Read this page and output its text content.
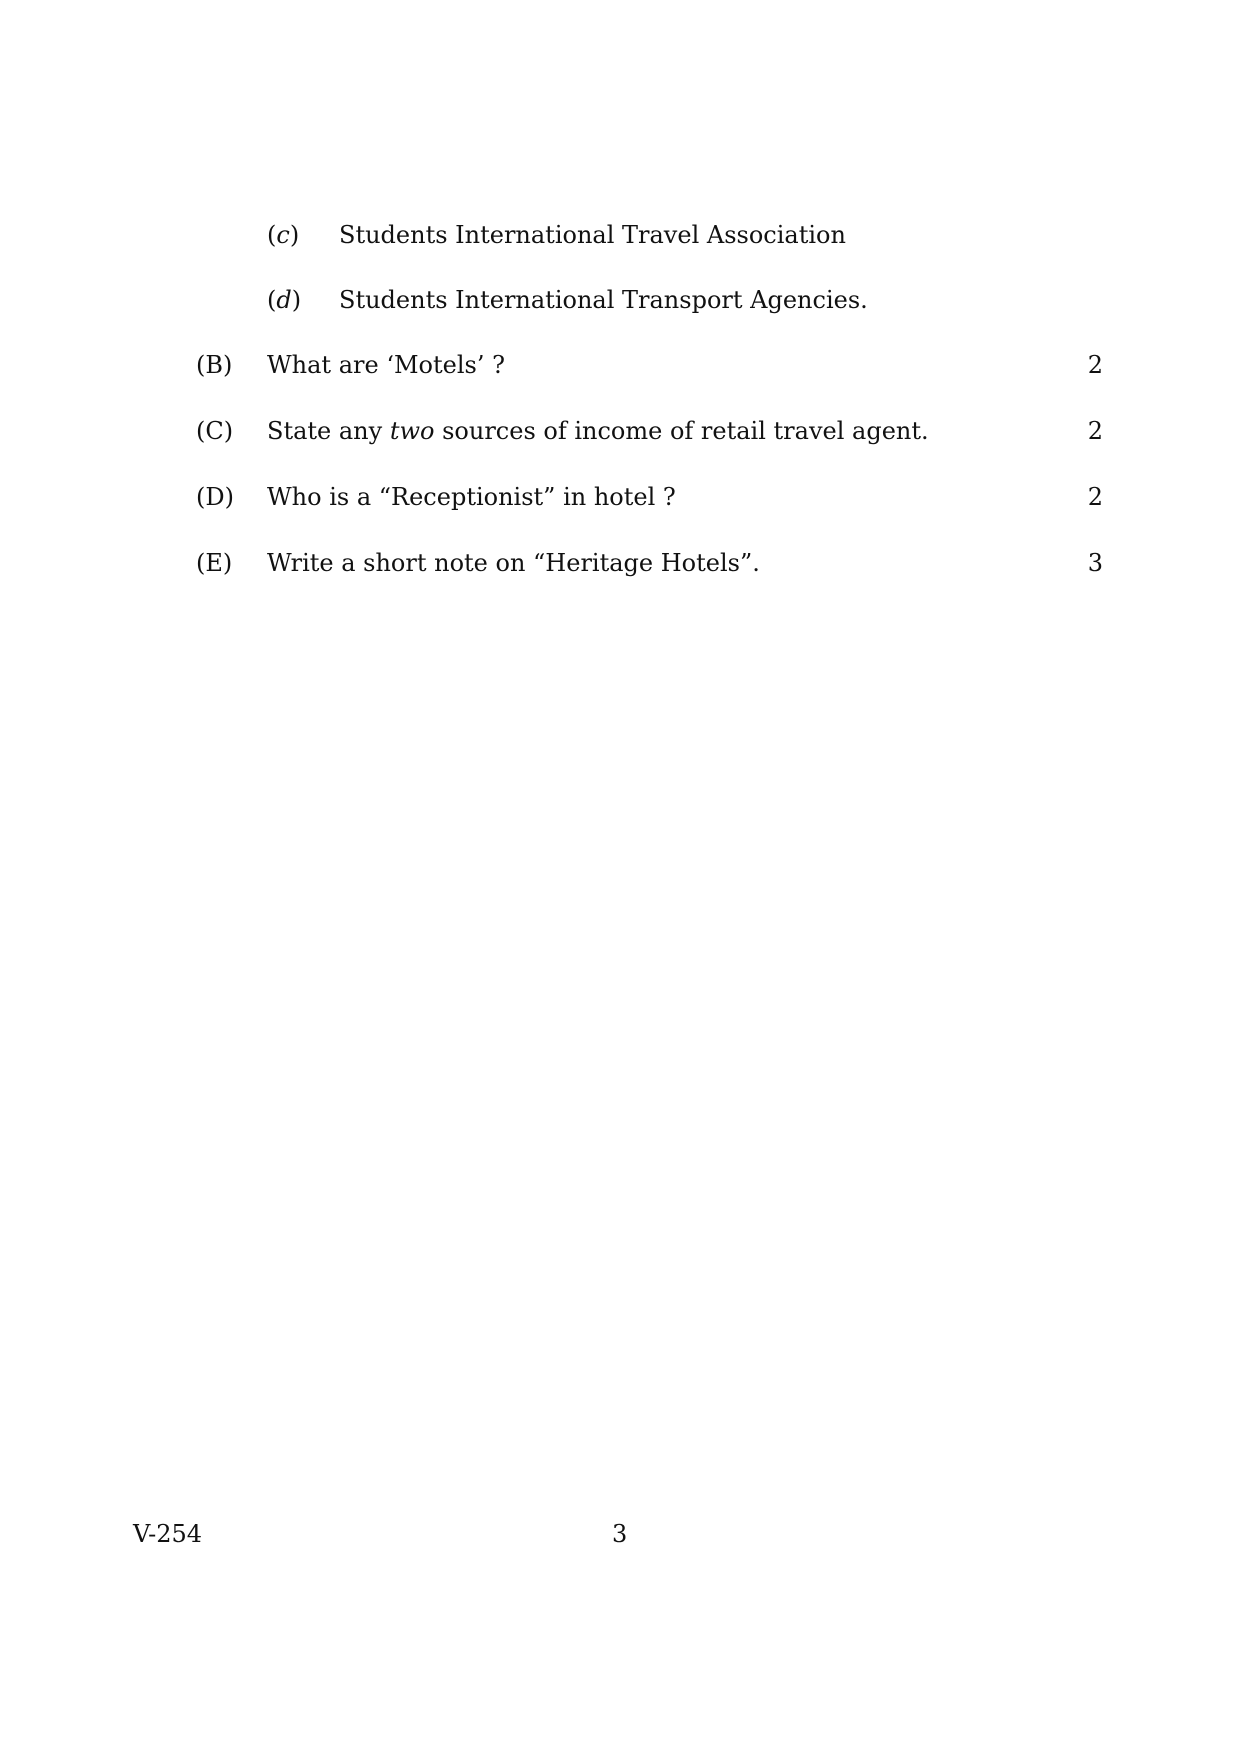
(c) Students International Travel Association
(d) Students International Transport Agencies.
(B) What are ‘Motels’ ?	2
(C) State any two sources of income of retail travel agent.	2
(D) Who is a “Receptionist” in hotel ?	2
(E) Write a short note on “Heritage Hotels”.	3
V-254	3
